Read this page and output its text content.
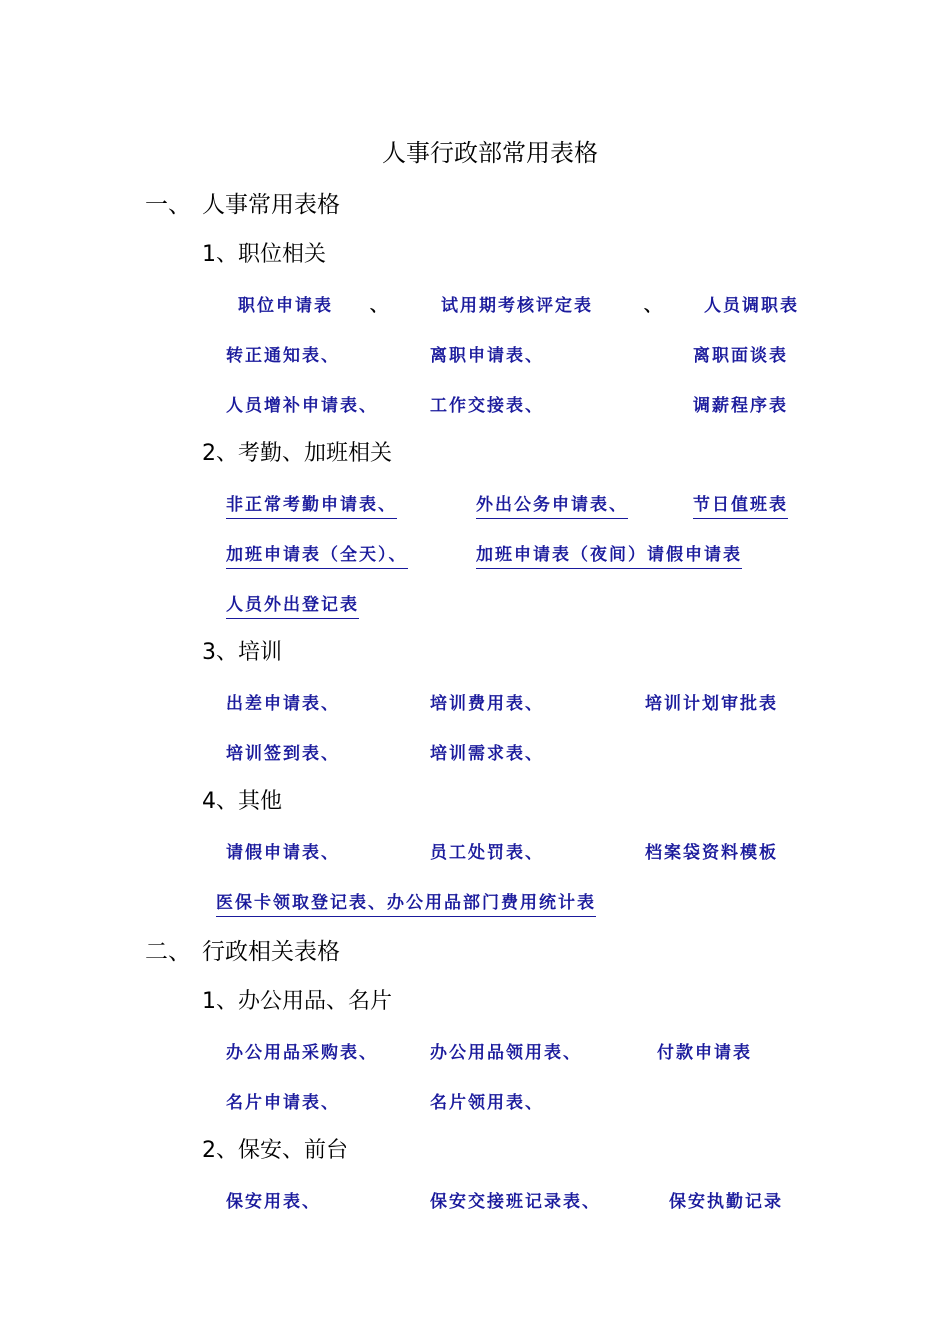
人事行政部常用表格
一、 人事常用表格
1、职位相关
职位申请表 、	试用期考核评定表	、	人员调职表
转正通知表、	离职申请表、	离职面谈表
人员增补申请表、	工作交接表、	调薪程序表
2、考勤、加班相关
非正常考勤申请表、	外出公务申请表、	节日值班表
加班申请表（全天）、	加班申请表（夜间）请假申请表
人员外出登记表
3、培训
出差申请表、	培训费用表、	培训计划审批表
培训签到表、	培训需求表、
4、其他
请假申请表、	员工处罚表、	档案袋资料模板
医保卡领取登记表、办公用品部门费用统计表
二、 行政相关表格
1、办公用品、名片
办公用品采购表、	办公用品领用表、	付款申请表
名片申请表、	名片领用表、
2、保安、前台
保安用表、	保安交接班记录表、	保安执勤记录
